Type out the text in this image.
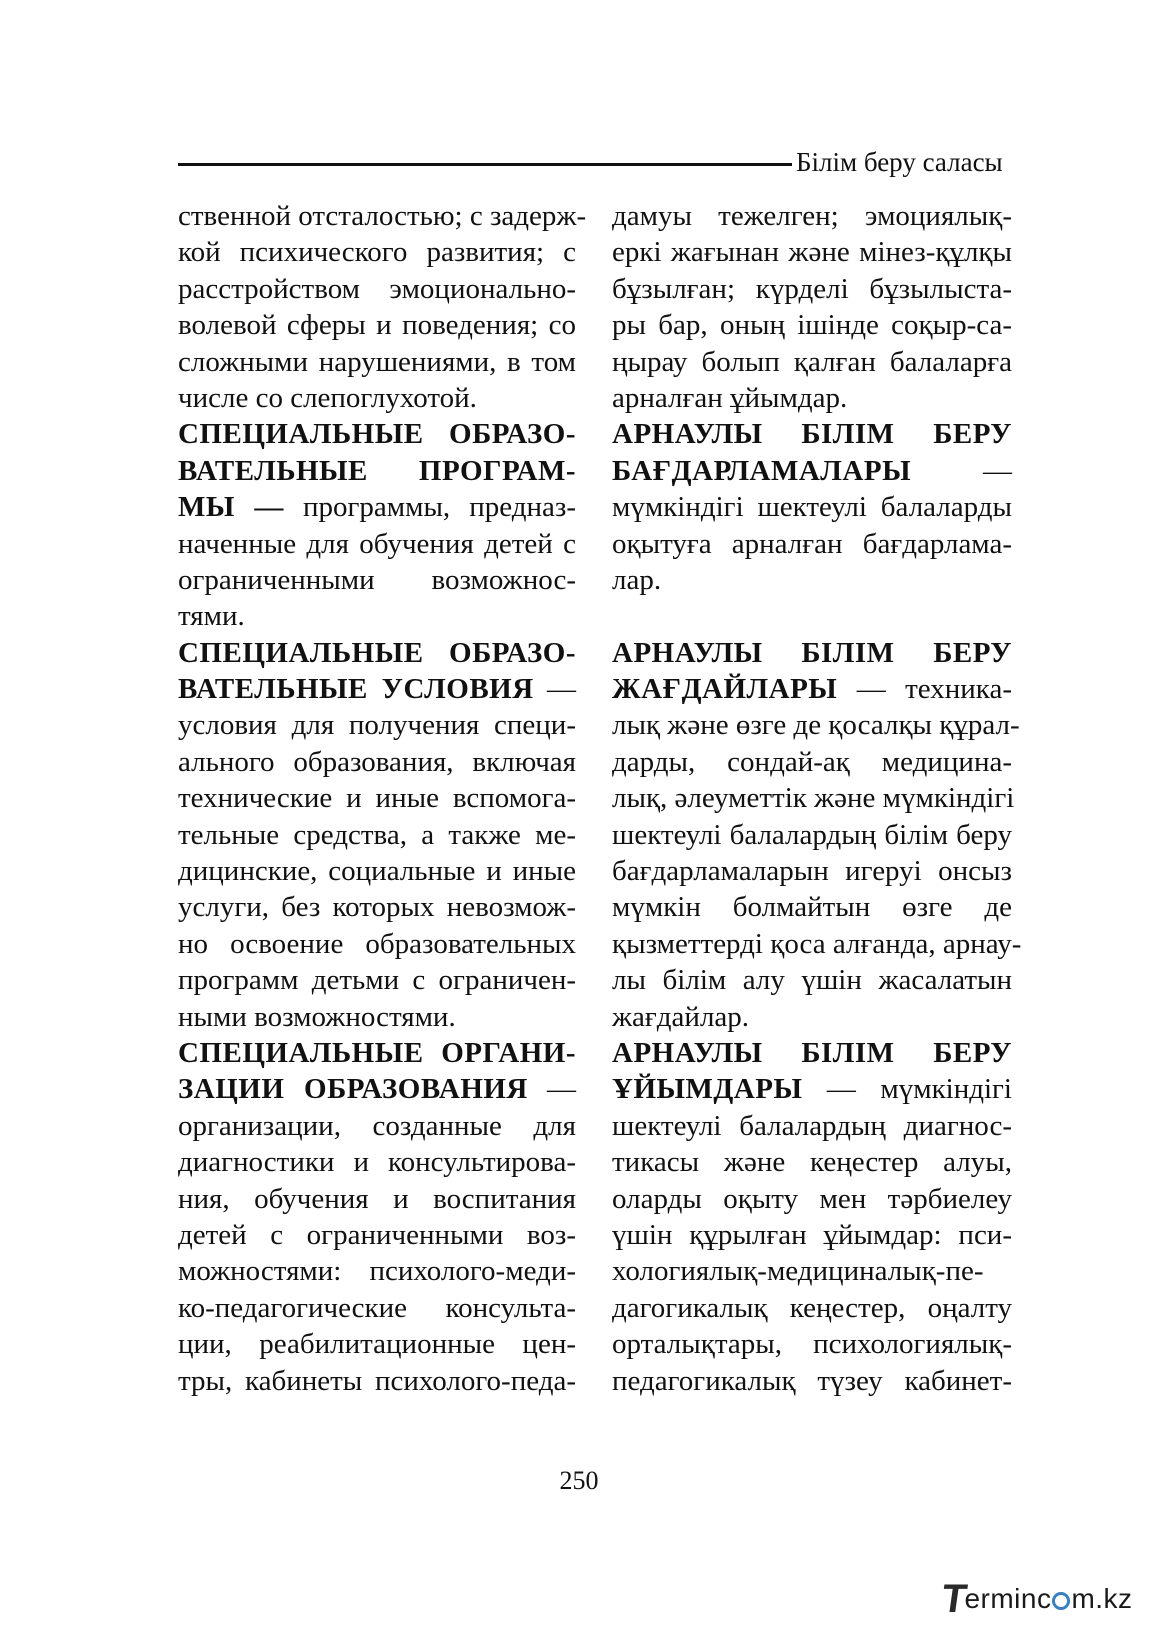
Білім беру саласы
ственной отсталостью; с задерж-
кой психического развития; с
расстройством эмоционально-
волевой сферы и поведения; со
сложными нарушениями, в том
числе со слепоглухотой.
СПЕЦИАЛЬНЫЕ ОБРАЗО-
ВАТЕЛЬНЫЕ ПРОГРАМ-
МЫ — программы, предназ-
наченные для обучения детей с
ограниченными возможнос-
тями.
СПЕЦИАЛЬНЫЕ ОБРАЗО-
ВАТЕЛЬНЫЕ УСЛОВИЯ —
условия для получения специ-
ального образования, включая
технические и иные вспомога-
тельные средства, а также ме-
дицинские, социальные и иные
услуги, без которых невозмож-
но освоение образовательных
программ детьми с ограничен-
ными возможностями.
СПЕЦИАЛЬНЫЕ ОРГАНИ-
ЗАЦИИ ОБРАЗОВАНИЯ —
организации, созданные для
диагностики и консультирова-
ния, обучения и воспитания
детей с ограниченными воз-
можностями: психолого-меди-
ко-педагогические консульта-
ции, реабилитационные цен-
тры, кабинеты психолого-педа-
дамуы тежелген; эмоциялық-
еркі жағынан және мінез-құлқы
бұзылған; күрделі бұзылыста-
ры бар, оның ішінде соқыр-са-
ңырау болып қалған балаларға
арналған ұйымдар.
АРНАУЛЫ БІЛІМ БЕРУ
БАҒДАРЛАМАЛАРЫ —
мүмкіндігі шектеулі балаларды
оқытуға арналған бағдарлама-
лар.
АРНАУЛЫ БІЛІМ БЕРУ
ЖАҒДАЙЛАРЫ — техника-
лық және өзге де қосалқы құрал-
дарды, сондай-ақ медицина-
лық, әлеуметтік және мүмкіндігі
шектеулі балалардың білім беру
бағдарламаларын игеруі онсыз
мүмкін болмайтын өзге де
қызметтерді қоса алғанда, арнау-
лы білім алу үшін жасалатын
жағдайлар.
АРНАУЛЫ БІЛІМ БЕРУ
ҰЙЫМДАРЫ — мүмкіндігі
шектеулі балалардың диагнос-
тикасы және кеңестер алуы,
оларды оқыту мен тәрбиелеу
үшін құрылған ұйымдар: пси-
хологиялық-медициналық-пе-
дагогикалық кеңестер, оңалту
орталықтары, психологиялық-
педагогикалық түзеу кабинет-
250
Terminc m.kz
